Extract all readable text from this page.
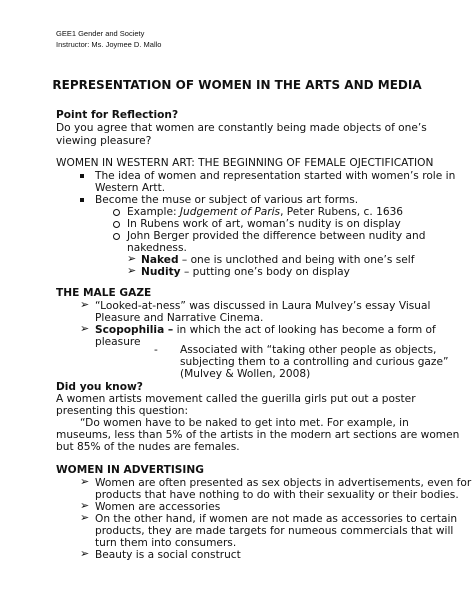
GEE1 Gender and Society
Instructor: Ms. Joymee D. Mallo
REPRESENTATION OF WOMEN IN THE ARTS AND MEDIA
Point for Reflection?
Do you agree that women are constantly being made objects of one’s
viewing pleasure?
WOMEN IN WESTERN ART: THE BEGINNING OF FEMALE OJECTIFICATION
The idea of women and representation started with women’s role in
Western Artt.
Become the muse or subject of various art forms.
Example: Judgement of Paris, Peter Rubens, c. 1636
In Rubens work of art, woman’s nudity is on display
John Berger provided the difference between nudity and
nakedness.
➢ Naked – one is unclothed and being with one’s self
➢ Nudity – putting one’s body on display
THE MALE GAZE
➢ “Looked-at-ness” was discussed in Laura Mulvey’s essay Visual
Pleasure and Narrative Cinema.
➢ Scopophilia – in which the act of looking has become a form of
pleasure
- Associated with “taking other people as objects,
subjecting them to a controlling and curious gaze”
(Mulvey & Wollen, 2008)
Did you know?
A women artists movement called the guerilla girls put out a poster
presenting this question:
“Do women have to be naked to get into met. For example, in
museums, less than 5% of the artists in the modern art sections are women
but 85% of the nudes are females.
WOMEN IN ADVERTISING
➢ Women are often presented as sex objects in advertisements, even for
products that have nothing to do with their sexuality or their bodies.
➢ Women are accessories
➢ On the other hand, if women are not made as accessories to certain
products, they are made targets for numeous commercials that will
turn them into consumers.
➢ Beauty is a social construct
